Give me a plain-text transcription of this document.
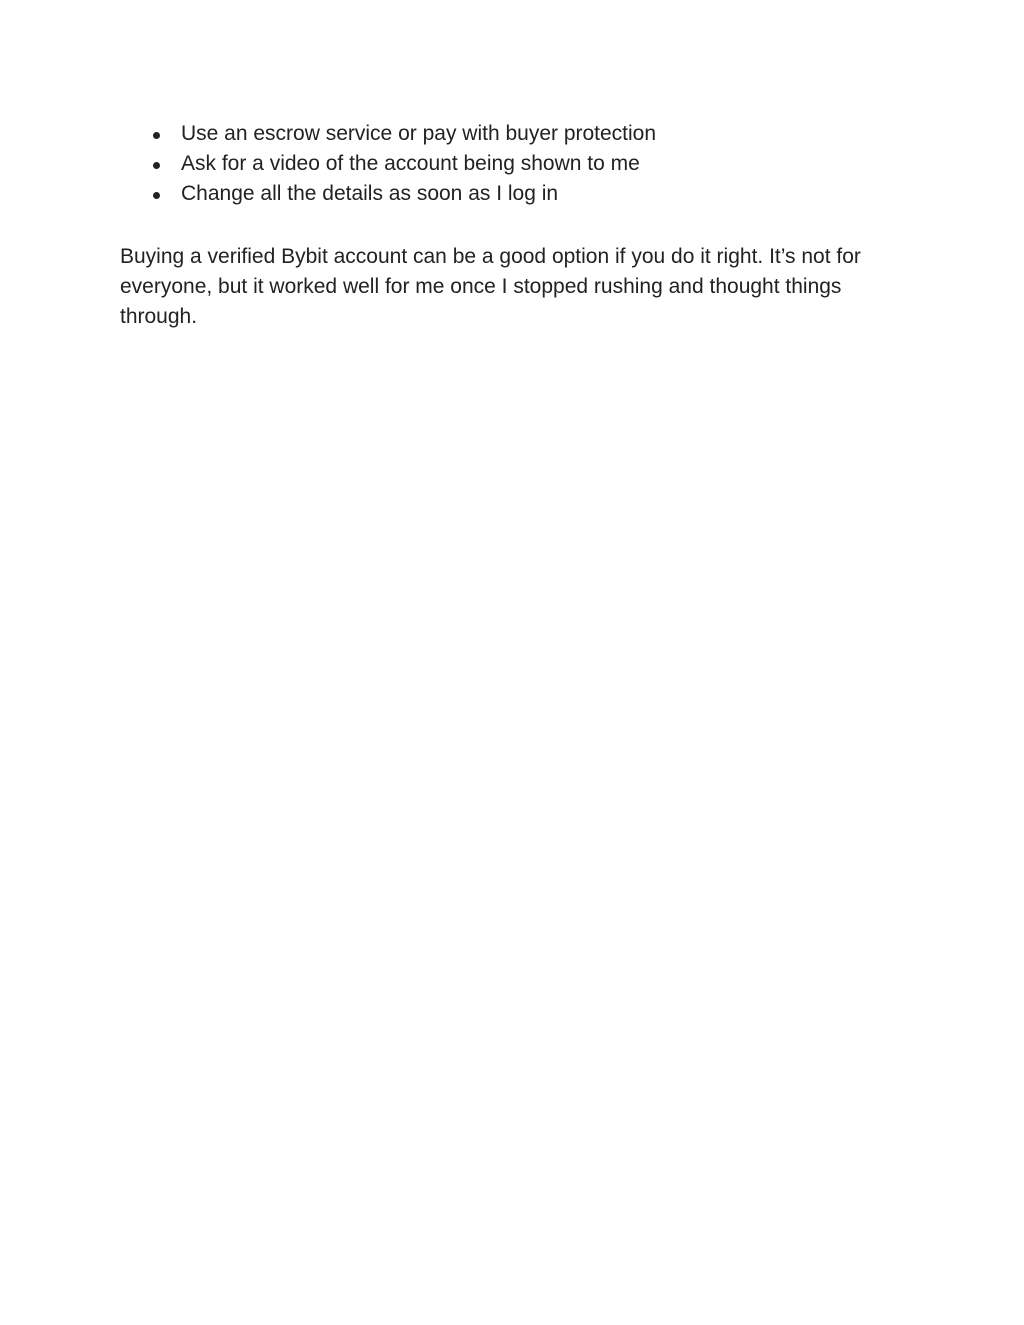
Use an escrow service or pay with buyer protection
Ask for a video of the account being shown to me
Change all the details as soon as I log in

Buying a verified Bybit account can be a good option if you do it right. It’s not for everyone, but it worked well for me once I stopped rushing and thought things through.
